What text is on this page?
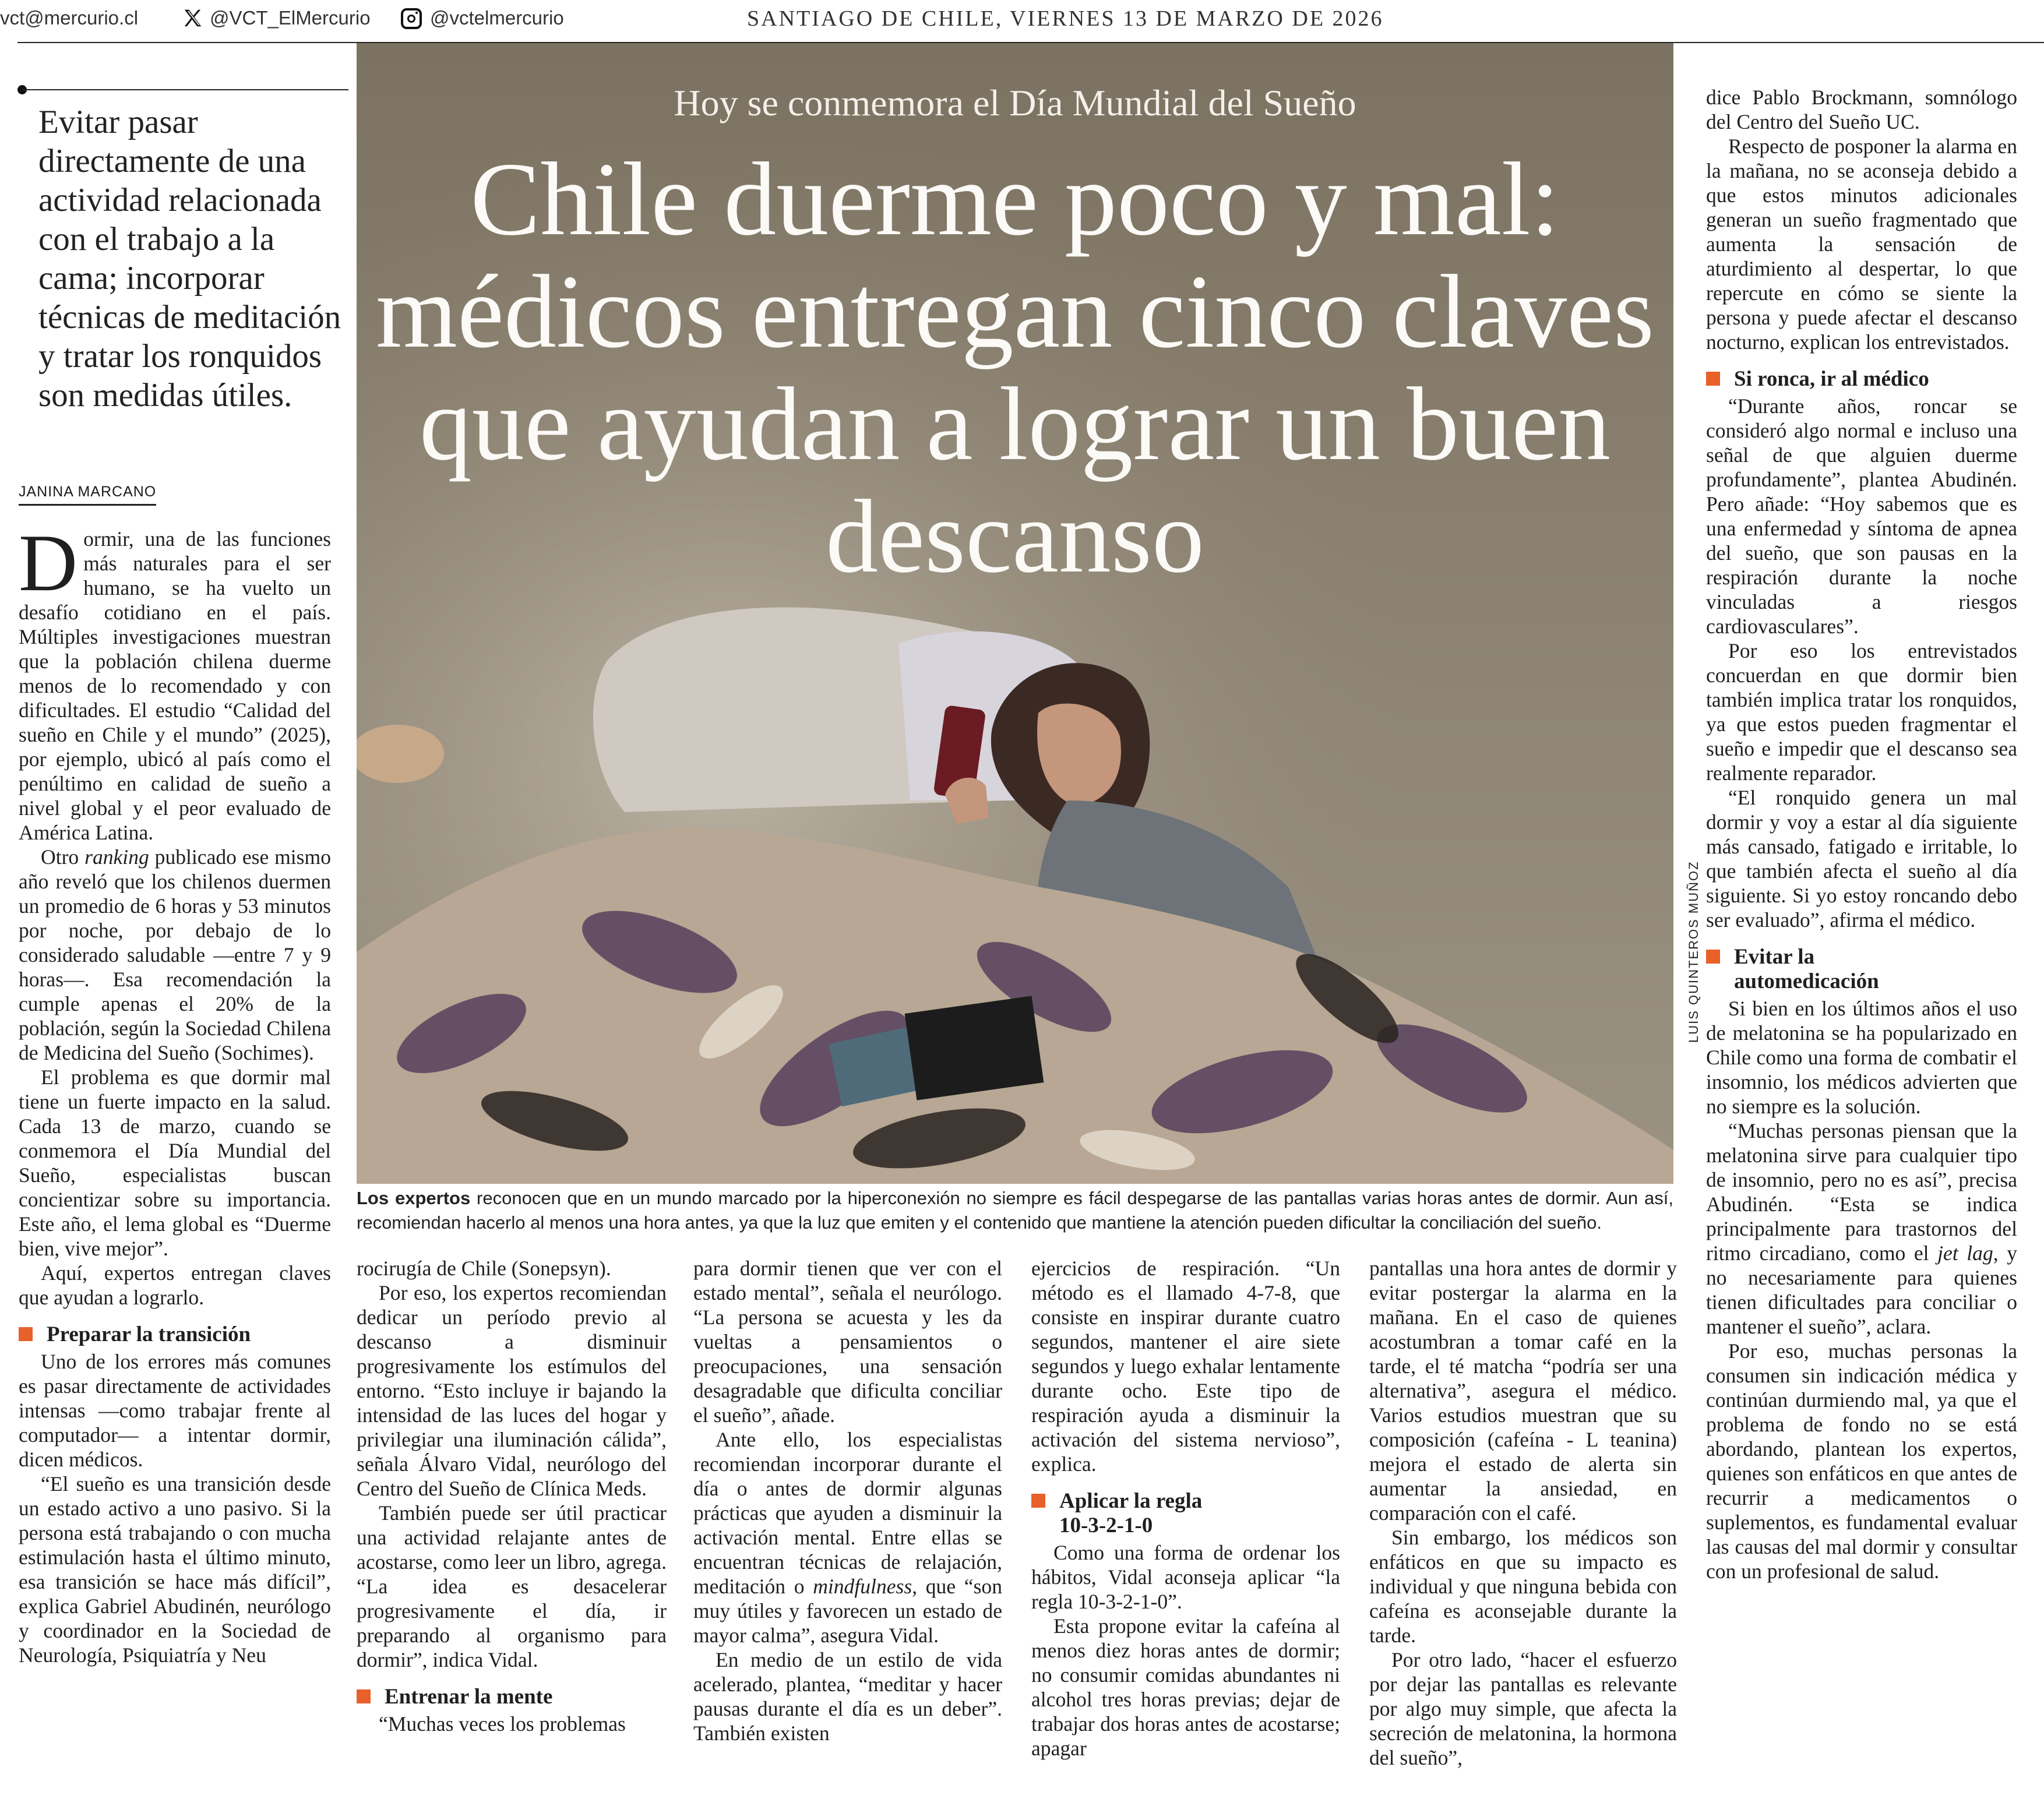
vct@mercurio.cl	@VCT_ElMercurio	@vctelmercurio	SANTIAGO DE CHILE, VIERNES 13 DE MARZO DE 2026
Evitar pasar directamente de una actividad relacionada con el trabajo a la cama; incorporar técnicas de meditación y tratar los ronquidos son medidas útiles.
JANINA MARCANO

Dormir, una de las funciones más naturales para el ser humano, se ha vuelto un desafío cotidiano en el país. Múltiples investigaciones muestran que la población chilena duerme menos de lo recomendado y con dificultades. El estudio “Calidad del sueño en Chile y el mundo” (2025), por ejemplo, ubicó al país como el penúltimo en calidad de sueño a nivel global y el peor evaluado de América Latina.

Otro ranking publicado ese mismo año reveló que los chilenos duermen un promedio de 6 horas y 53 minutos por noche, por debajo de lo considerado saludable —entre 7 y 9 horas—. Esa recomendación la cumple apenas el 20% de la población, según la Sociedad Chilena de Medicina del Sueño (Sochimes).

El problema es que dormir mal tiene un fuerte impacto en la salud. Cada 13 de marzo, cuando se conmemora el Día Mundial del Sueño, especialistas buscan concientizar sobre su importancia. Este año, el lema global es “Duerme bien, vive mejor”.

Aquí, expertos entregan claves que ayudan a lograrlo.

Preparar la transición

Uno de los errores más comunes es pasar directamente de actividades intensas —como trabajar frente al computador— a intentar dormir, dicen médicos.

“El sueño es una transición desde un estado activo a uno pasivo. Si la persona está trabajando o con mucha estimulación hasta el último minuto, esa transición se hace más difícil”, explica Gabriel Abudinén, neurólogo y coordinador en la Sociedad de Neurología, Psiquiatría y Neu

Hoy se conmemora el Día Mundial del Sueño
Chile duerme poco y mal: médicos entregan cinco claves que ayudan a lograr un buen descanso
LUIS QUINTEROS MUÑOZ
Los expertos reconocen que en un mundo marcado por la hiperconexión no siempre es fácil despegarse de las pantallas varias horas antes de dormir. Aun así, recomiendan hacerlo al menos una hora antes, ya que la luz que emiten y el contenido que mantiene la atención pueden dificultar la conciliación del sueño.

rocirugía de Chile (Sonepsyn).

Por eso, los expertos recomiendan dedicar un período previo al descanso a disminuir progresivamente los estímulos del entorno. “Esto incluye ir bajando la intensidad de las luces del hogar y privilegiar una iluminación cálida”, señala Álvaro Vidal, neurólogo del Centro del Sueño de Clínica Meds.

También puede ser útil practicar una actividad relajante antes de acostarse, como leer un libro, agrega. “La idea es desacelerar progresivamente el día, ir preparando al organismo para dormir”, indica Vidal.

Entrenar la mente

“Muchas veces los problemas

para dormir tienen que ver con el estado mental”, señala el neurólogo. “La persona se acuesta y les da vueltas a pensamientos o preocupaciones, una sensación desagradable que dificulta conciliar el sueño”, añade.

Ante ello, los especialistas recomiendan incorporar durante el día o antes de dormir algunas prácticas que ayuden a disminuir la activación mental. Entre ellas se encuentran técnicas de relajación, meditación o mindfulness, que “son muy útiles y favorecen un estado de mayor calma”, asegura Vidal.

En medio de un estilo de vida acelerado, plantea, “meditar y hacer pausas durante el día es un deber”. También existen

ejercicios de respiración. “Un método es el llamado 4-7-8, que consiste en inspirar durante cuatro segundos, mantener el aire siete segundos y luego exhalar lentamente durante ocho. Este tipo de respiración ayuda a disminuir la activación del sistema nervioso”, explica.

Aplicar la regla
10-3-2-1-0

Como una forma de ordenar los hábitos, Vidal aconseja aplicar “la regla 10-3-2-1-0”.

Esta propone evitar la cafeína al menos diez horas antes de dormir; no consumir comidas abundantes ni alcohol tres horas previas; dejar de trabajar dos horas antes de acostarse; apagar

pantallas una hora antes de dormir y evitar postergar la alarma en la mañana. En el caso de quienes acostumbran a tomar café en la tarde, el té matcha “podría ser una alternativa”, asegura el médico. Varios estudios muestran que su composición (cafeína - L teanina) mejora el estado de alerta sin aumentar la ansiedad, en comparación con el café.

Sin embargo, los médicos son enfáticos en que su impacto es individual y que ninguna bebida con cafeína es aconsejable durante la tarde.

Por otro lado, “hacer el esfuerzo por dejar las pantallas es relevante por algo muy simple, que afecta la secreción de melatonina, la hormona del sueño”,

dice Pablo Brockmann, somnólogo del Centro del Sueño UC.

Respecto de posponer la alarma en la mañana, no se aconseja debido a que estos minutos adicionales generan un sueño fragmentado que aumenta la sensación de aturdimiento al despertar, lo que repercute en cómo se siente la persona y puede afectar el descanso nocturno, explican los entrevistados.

Si ronca, ir al médico

“Durante años, roncar se consideró algo normal e incluso una señal de que alguien duerme profundamente”, plantea Abudinén. Pero añade: “Hoy sabemos que es una enfermedad y síntoma de apnea del sueño, que son pausas en la respiración durante la noche vinculadas a riesgos cardiovasculares”.

Por eso los entrevistados concuerdan en que dormir bien también implica tratar los ronquidos, ya que estos pueden fragmentar el sueño e impedir que el descanso sea realmente reparador.

“El ronquido genera un mal dormir y voy a estar al día siguiente más cansado, fatigado e irritable, lo que también afecta el sueño al día siguiente. Si yo estoy roncando debo ser evaluado”, afirma el médico.

Evitar la
automedicación

Si bien en los últimos años el uso de melatonina se ha popularizado en Chile como una forma de combatir el insomnio, los médicos advierten que no siempre es la solución.

“Muchas personas piensan que la melatonina sirve para cualquier tipo de insomnio, pero no es así”, precisa Abudinén. “Esta se indica principalmente para trastornos del ritmo circadiano, como el jet lag, y no necesariamente para quienes tienen dificultades para conciliar o mantener el sueño”, aclara.

Por eso, muchas personas la consumen sin indicación médica y continúan durmiendo mal, ya que el problema de fondo no se está abordando, plantean los expertos, quienes son enfáticos en que antes de recurrir a medicamentos o suplementos, es fundamental evaluar las causas del mal dormir y consultar con un profesional de salud.
